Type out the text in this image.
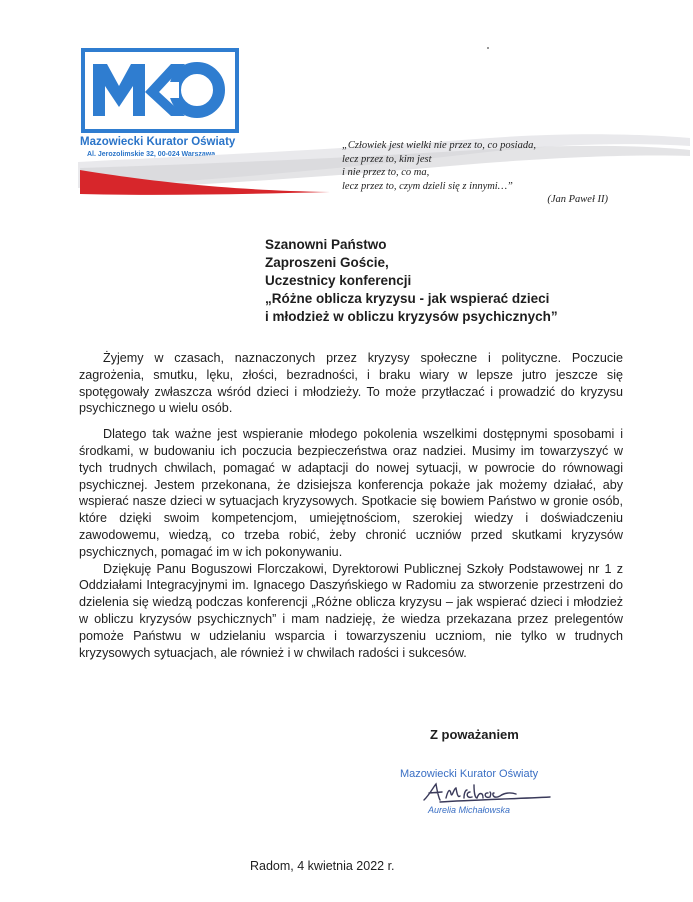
Mazowiecki Kurator Oświaty
Al. Jerozolimskie 32, 00-024 Warszawa
„Człowiek jest wielki nie przez to, co posiada,
lecz przez to, kim jest
i nie przez to, co ma,
lecz przez to, czym dzieli się z innymi…”
(Jan Paweł II)
Szanowni Państwo
Zaproszeni Goście,
Uczestnicy konferencji
„Różne oblicza kryzysu - jak wspierać dzieci
i młodzież w obliczu kryzysów psychicznych”

Żyjemy w czasach, naznaczonych przez kryzysy społeczne i polityczne. Poczucie zagrożenia, smutku, lęku, złości, bezradności, i braku wiary w lepsze jutro jeszcze się spotęgowały zwłaszcza wśród dzieci i młodzieży. To może przytłaczać i prowadzić do kryzysu psychicznego u wielu osób.

Dlatego tak ważne jest wspieranie młodego pokolenia wszelkimi dostępnymi sposobami i środkami, w budowaniu ich poczucia bezpieczeństwa oraz nadziei. Musimy im towarzyszyć w tych trudnych chwilach, pomagać w adaptacji do nowej sytuacji, w powrocie do równowagi psychicznej. Jestem przekonana, że dzisiejsza konferencja pokaże jak możemy działać, aby wspierać nasze dzieci w sytuacjach kryzysowych. Spotkacie się bowiem Państwo w gronie osób, które dzięki swoim kompetencjom, umiejętnościom, szerokiej wiedzy i doświadczeniu zawodowemu, wiedzą, co trzeba robić, żeby chronić uczniów przed skutkami kryzysów psychicznych, pomagać im w ich pokonywaniu.

Dziękuję Panu Boguszowi Florczakowi, Dyrektorowi Publicznej Szkoły Podstawowej nr 1 z Oddziałami Integracyjnymi im. Ignacego Daszyńskiego w Radomiu za stworzenie przestrzeni do dzielenia się wiedzą podczas konferencji „Różne oblicza kryzysu – jak wspierać dzieci i młodzież w obliczu kryzysów psychicznych” i mam nadzieję, że wiedza przekazana przez prelegentów pomoże Państwu w udzielaniu wsparcia i towarzyszeniu uczniom, nie tylko w trudnych kryzysowych sytuacjach, ale również i w chwilach radości i sukcesów.

Z poważaniem
Mazowiecki Kurator Oświaty
Aurelia Michałowska
Radom, 4 kwietnia 2022 r.
